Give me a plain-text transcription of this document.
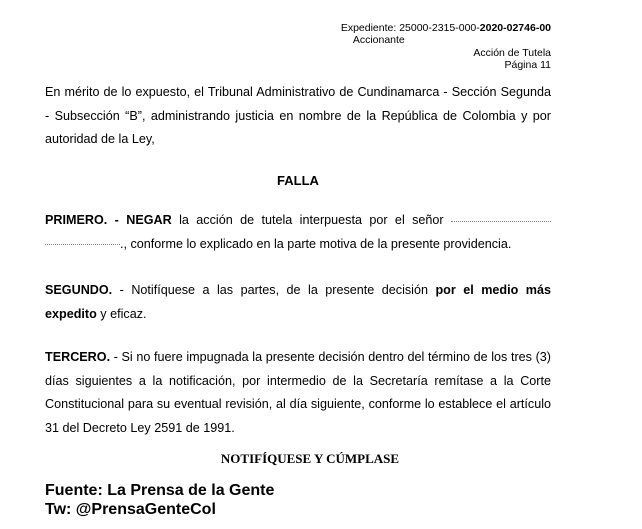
Expediente: 25000-2315-000-2020-02746-00
Accionante
Acción de Tutela
Página 11
En mérito de lo expuesto, el Tribunal Administrativo de Cundinamarca - Sección Segunda - Subsección “B”, administrando justicia en nombre de la República de Colombia y por autoridad de la Ley,
FALLA
PRIMERO. - NEGAR la acción de tutela interpuesta por el señor  ., conforme lo explicado en la parte motiva de la presente providencia.
SEGUNDO. - Notifíquese a las partes, de la presente decisión por el medio más expedito y eficaz.
TERCERO. - Si no fuere impugnada la presente decisión dentro del término de los tres (3) días siguientes a la notificación, por intermedio de la Secretaría remítase a la Corte Constitucional para su eventual revisión, al día siguiente, conforme lo establece el artículo 31 del Decreto Ley 2591 de 1991.
NOTIFÍQUESE Y CÚMPLASE
Fuente: La Prensa de la Gente
Tw: @PrensaGenteCol
